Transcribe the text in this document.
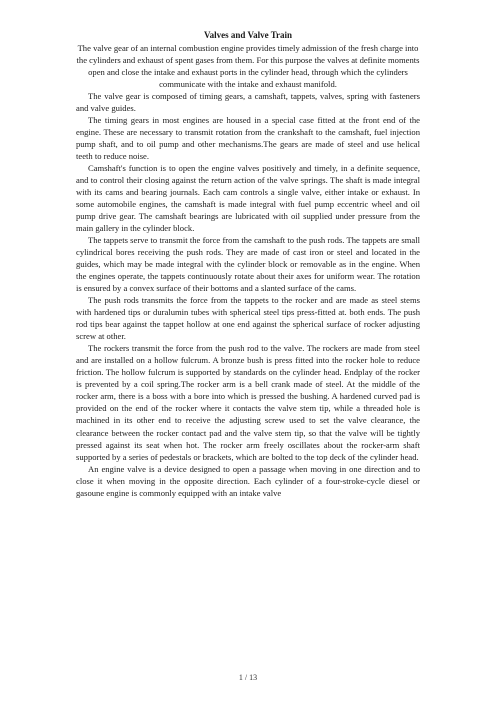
Valves and Valve Train

The valve gear of an internal combustion engine provides timely admission of the fresh charge into the cylinders and exhaust of spent gases from them. For this purpose the valves at definite moments open and close the intake and exhaust ports in the cylinder head, through which the cylinders communicate with the intake and exhaust manifold.

The valve gear is composed of timing gears, a camshaft, tappets, valves, spring with fasteners and valve guides.

The timing gears in most engines are housed in a special case fitted at the front end of the engine. These are necessary to transmit rotation from the crankshaft to the camshaft, fuel injection pump shaft, and to oil pump and other mechanisms.The gears are made of steel and use helical teeth to reduce noise.

Camshaft's function is to open the engine valves positively and timely, in a definite sequence, and to control their closing against the return action of the valve springs. The shaft is made integral with its cams and bearing journals. Each cam controls a single valve, either intake or exhaust. In some automobile engines, the camshaft is made integral with fuel pump eccentric wheel and oil pump drive gear. The camshaft bearings are lubricated with oil supplied under pressure from the main gallery in the cylinder block.

The tappets serve to transmit the force from the camshaft to the push rods. The tappets are small cylindrical bores receiving the push rods. They are made of cast iron or steel and located in the guides, which may be made integral with the cylinder block or removable as in the engine. When the engines operate, the tappets continuously rotate about their axes for uniform wear. The rotation is ensured by a convex surface of their bottoms and a slanted surface of the cams.

The push rods transmits the force from the tappets to the rocker and are made as steel stems with hardened tips or duralumin tubes with spherical steel tips press-fitted at. both ends. The push rod tips bear against the tappet hollow at one end against the spherical surface of rocker adjusting screw at other.

The rockers transmit the force from the push rod to the valve. The rockers are made from steel and are installed on a hollow fulcrum. A bronze bush is press fitted into the rocker hole to reduce friction. The hollow fulcrum is supported by standards on the cylinder head. Endplay of the rocker is prevented by a coil spring.The rocker arm is a bell crank made of steel. At the middle of the rocker arm, there is a boss with a bore into which is pressed the bushing. A hardened curved pad is provided on the end of the rocker where it contacts the valve stem tip, while a threaded hole is machined in its other end to receive the adjusting screw used to set the valve clearance, the clearance between the rocker contact pad and the valve stem tip, so that the valve will be tightly pressed against its seat when hot. The rocker arm freely oscillates about the rocker-arm shaft supported by a series of pedestals or brackets, which are bolted to the top deck of the cylinder head.

An engine valve is a device designed to open a passage when moving in one direction and to close it when moving in the opposite direction. Each cylinder of a four-stroke-cycle diesel or gasoune engine is commonly equipped with an intake valve

1 / 13
